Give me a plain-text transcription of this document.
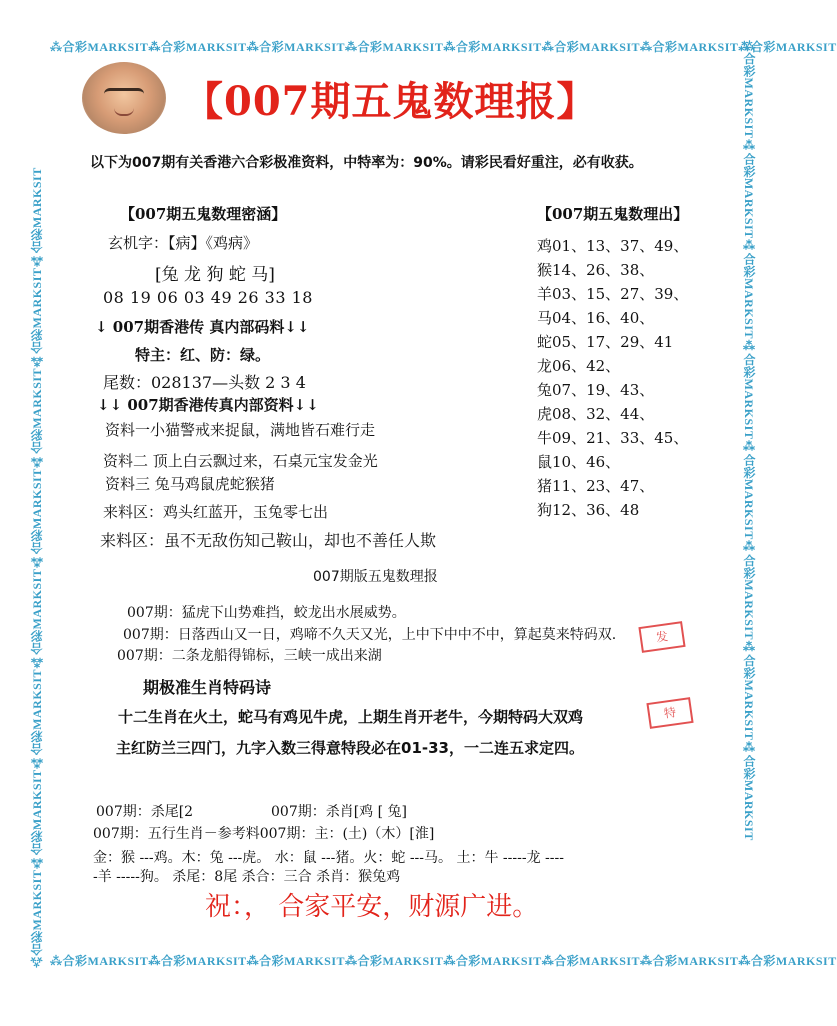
⁂合彩MARKSIT⁂合彩MARKSIT⁂合彩MARKSIT⁂合彩MARKSIT⁂合彩MARKSIT⁂合彩MARKSIT⁂合彩MARKSIT⁂合彩MARKSIT
⁂合彩MARKSIT⁂合彩MARKSIT⁂合彩MARKSIT⁂合彩MARKSIT⁂合彩MARKSIT⁂合彩MARKSIT⁂合彩MARKSIT⁂合彩MARKSIT
⁂合彩MARKSIT⁂合彩MARKSIT⁂合彩MARKSIT⁂合彩MARKSIT⁂合彩MARKSIT⁂合彩MARKSIT⁂合彩MARKSIT⁂合彩MARKSIT	⁂合彩MARKSIT⁂合彩MARKSIT⁂合彩MARKSIT⁂合彩MARKSIT⁂合彩MARKSIT⁂合彩MARKSIT⁂合彩MARKSIT⁂合彩MARKSIT
【007期五鬼数理报】
以下为007期有关香港六合彩极准资料，中特率为：90%。请彩民看好重注，必有收获。
【007期五鬼数理密涵】
玄机字：【病】《鸡病》
[兔 龙 狗 蛇 马]
08 19 06 03 49 26 33 18
↓ 007期香港传 真内部码料↓↓
特主：红、防：绿。
尾数：028137—头数 2 3 4
↓↓ 007期香港传真内部资料↓↓
资料一小猫警戒来捉鼠，满地皆石难行走
资料二 顶上白云飘过来，石桌元宝发金光
资料三 兔马鸡鼠虎蛇猴猪
来料区：鸡头红蓝开，玉兔零七出
来料区：虽不无敌伤知己鞍山，却也不善任人欺
【007期五鬼数理出】
鸡01、13、37、49、
猴14、26、38、
羊03、15、27、39、
马04、16、40、
蛇05、17、29、41
龙06、42、
兔07、19、43、
虎08、32、44、
牛09、21、33、45、
鼠10、46、
猪11、23、47、
狗12、36、48
007期版五鬼数理报
007期：猛虎下山势难挡，蛟龙出水展威势。
007期：日落西山又一日，鸡啼不久天又光，上中下中中不中，算起莫来特码双.
007期：二条龙船得锦标，三峡一成出来湖
期极准生肖特码诗
十二生肖在火土，蛇马有鸡见牛虎，上期生肖开老牛，今期特码大双鸡
主红防兰三四门，九字入数三得意特段必在01-33，一二连五求定四。
发
特
007期：杀尾[2	007期：杀肖[鸡 [ 兔]
007期：五行生肖－参考料007期：主：(土)（木）[淮]
金：猴 ---鸡。木：兔 ---虎。 水：鼠 ---猪。火：蛇 ---马。 土：牛 -----龙 ----
-羊 -----狗。 杀尾：8尾 杀合：三合 杀肖：猴兔鸡
祝：， 合家平安，财源广进。
